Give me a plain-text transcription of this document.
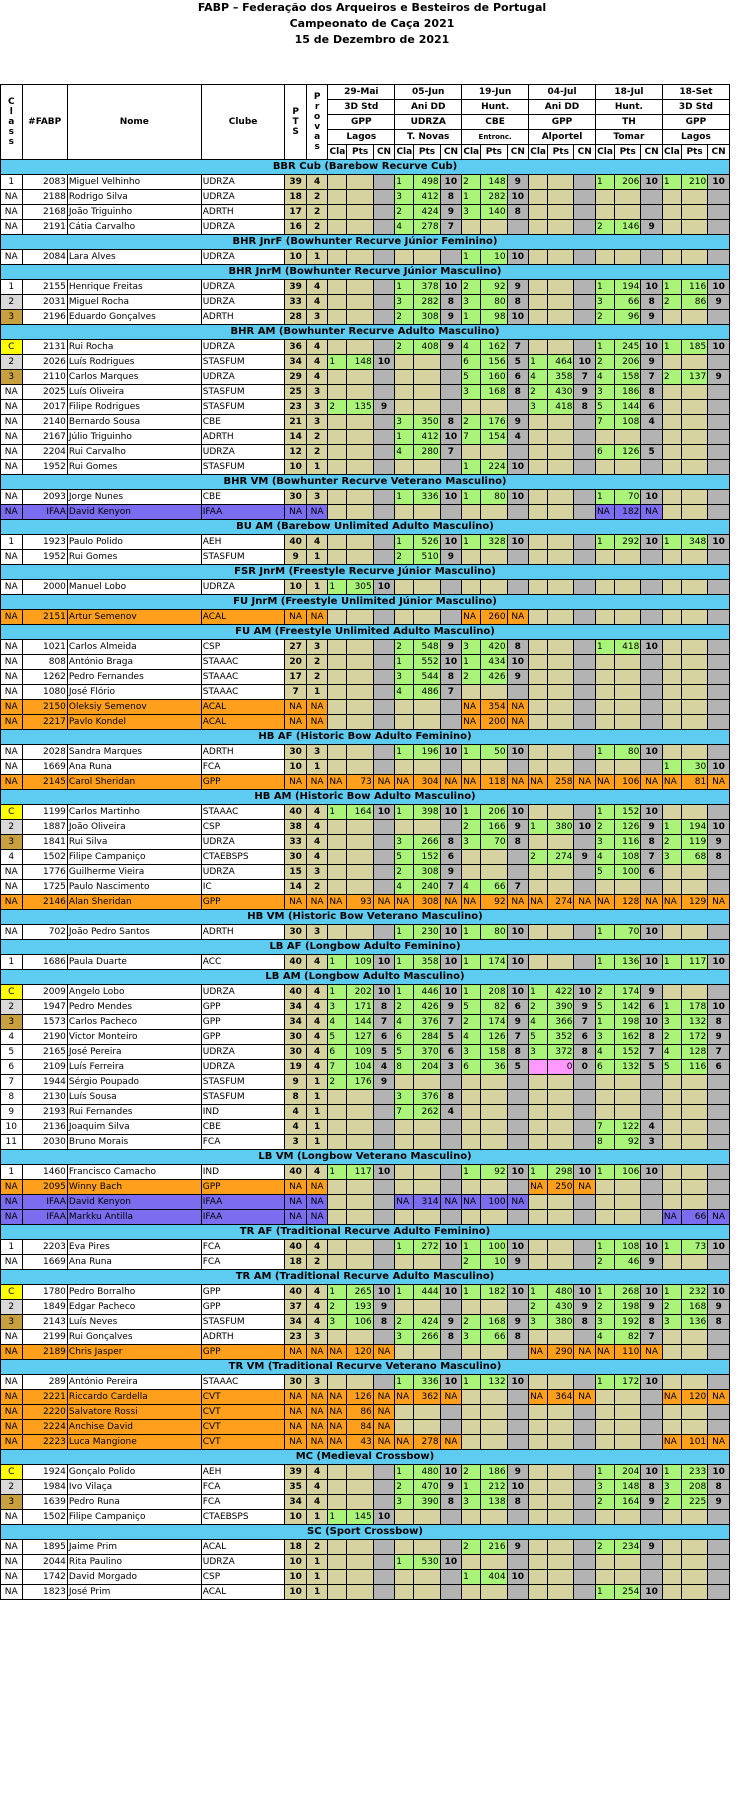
FABP – Federação dos Arqueiros e Besteiros de Portugal
Campeonato de Caça 2021
15 de Dezembro de 2021
Class	#FABP	Nome	Clube	PTS	Provas	29-Mai			05-Jun			19-Jun			04-Jul			18-Jul			18-Set		
						3D Std			Ani DD			Hunt.			Ani DD			Hunt.			3D Std		
						GPP			UDRZA			CBE			GPP			TH			GPP		
						Lagos			T. Novas			Entronc.			Alportel			Tomar			Lagos		
						Cla	Pts	CN	Cla	Pts	CN	Cla	Pts	CN	Cla	Pts	CN	Cla	Pts	CN	Cla	Pts	CN
BBR Cub (Barebow Recurve Cub)																							
1	2083	Miguel Velhinho	UDRZA	39	4				1	498	10	2	148	9				1	206	10	1	210	10
NA	2188	Rodrigo Silva	UDRZA	18	2				3	412	8	1	282	10									
NA	2168	João Triguinho	ADRTH	17	2				2	424	9	3	140	8									
NA	2191	Cátia Carvalho	UDRZA	16	2				4	278	7							2	146	9			
BHR JnrF (Bowhunter Recurve Júnior Feminino)																							
NA	2084	Lara Alves	UDRZA	10	1							1	10	10									
BHR JnrM (Bowhunter Recurve Júnior Masculino)																							
1	2155	Henrique Freitas	UDRZA	39	4				1	378	10	2	92	9				1	194	10	1	116	10
2	2031	Miguel Rocha	UDRZA	33	4				3	282	8	3	80	8				3	66	8	2	86	9
3	2196	Eduardo Gonçalves	ADRTH	28	3				2	308	9	1	98	10				2	96	9			
BHR AM (Bowhunter Recurve Adulto Masculino)																							
C	2131	Rui Rocha	UDRZA	36	4				2	408	9	4	162	7				1	245	10	1	185	10
2	2026	Luís Rodrigues	STASFUM	34	4	1	148	10				6	156	5	1	464	10	2	206	9			
3	2110	Carlos Marques	UDRZA	29	4							5	160	6	4	358	7	4	158	7	2	137	9
NA	2025	Luís Oliveira	STASFUM	25	3							3	168	8	2	430	9	3	186	8			
NA	2017	Filipe Rodrigues	STASFUM	23	3	2	135	9							3	418	8	5	144	6			
NA	2140	Bernardo Sousa	CBE	21	3				3	350	8	2	176	9				7	108	4			
NA	2167	Júlio Triguinho	ADRTH	14	2				1	412	10	7	154	4									
NA	2204	Rui Carvalho	UDRZA	12	2				4	280	7							6	126	5			
NA	1952	Rui Gomes	STASFUM	10	1							1	224	10									
BHR VM (Bowhunter Recurve Veterano Masculino)																							
NA	2093	Jorge Nunes	CBE	30	3				1	336	10	1	80	10				1	70	10			
NA	IFAA	David Kenyon	IFAA	NA	NA													NA	182	NA			
BU AM (Barebow Unlimited Adulto Masculino)																							
1	1923	Paulo Polido	AEH	40	4				1	526	10	1	328	10				1	292	10	1	348	10
NA	1952	Rui Gomes	STASFUM	9	1				2	510	9												
FSR JnrM (Freestyle Recurve Júnior Masculino)																							
NA	2000	Manuel Lobo	UDRZA	10	1	1	305	10															
FU JnrM (Freestyle Unlimited Júnior Masculino)																							
NA	2151	Artur Semenov	ACAL	NA	NA							NA	260	NA									
FU AM (Freestyle Unlimited Adulto Masculino)																							
NA	1021	Carlos Almeida	CSP	27	3				2	548	9	3	420	8				1	418	10			
NA	808	António Braga	STAAAC	20	2				1	552	10	1	434	10									
NA	1262	Pedro Fernandes	STAAAC	17	2				3	544	8	2	426	9									
NA	1080	José Flório	STAAAC	7	1				4	486	7												
NA	2150	Oleksiy Semenov	ACAL	NA	NA							NA	354	NA									
NA	2217	Pavlo Kondel	ACAL	NA	NA							NA	200	NA									
HB AF (Historic Bow Adulto Feminino)																							
NA	2028	Sandra Marques	ADRTH	30	3				1	196	10	1	50	10				1	80	10			
NA	1669	Ana Runa	FCA	10	1																1	30	10
NA	2145	Carol Sheridan	GPP	NA	NA	NA	73	NA	NA	304	NA	NA	118	NA	NA	258	NA	NA	106	NA	NA	81	NA
HB AM (Historic Bow Adulto Masculino)																							
C	1199	Carlos Martinho	STAAAC	40	4	1	164	10	1	398	10	1	206	10				1	152	10			
2	1887	João Oliveira	CSP	38	4							2	166	9	1	380	10	2	126	9	1	194	10
3	1841	Rui Silva	UDRZA	33	4				3	266	8	3	70	8				3	116	8	2	119	9
4	1502	Filipe Campaniço	CTAEBSPS	30	4				5	152	6				2	274	9	4	108	7	3	68	8
NA	1776	Guilherme Vieira	UDRZA	15	3				2	308	9							5	100	6			
NA	1725	Paulo Nascimento	IC	14	2				4	240	7	4	66	7									
NA	2146	Alan Sheridan	GPP	NA	NA	NA	93	NA	NA	308	NA	NA	92	NA	NA	274	NA	NA	128	NA	NA	129	NA
HB VM (Historic Bow Veterano Masculino)																							
NA	702	João Pedro Santos	ADRTH	30	3				1	230	10	1	80	10				1	70	10			
LB AF (Longbow Adulto Feminino)																							
1	1686	Paula Duarte	ACC	40	4	1	109	10	1	358	10	1	174	10				1	136	10	1	117	10
LB AM (Longbow Adulto Masculino)																							
C	2009	Angelo Lobo	UDRZA	40	4	1	202	10	1	446	10	1	208	10	1	422	10	2	174	9			
2	1947	Pedro Mendes	GPP	34	4	3	171	8	2	426	9	5	82	6	2	390	9	5	142	6	1	178	10
3	1573	Carlos Pacheco	GPP	34	4	4	144	7	4	376	7	2	174	9	4	366	7	1	198	10	3	132	8
4	2190	Victor Monteiro	GPP	30	4	5	127	6	6	284	5	4	126	7	5	352	6	3	162	8	2	172	9
5	2165	José Pereira	UDRZA	30	4	6	109	5	5	370	6	3	158	8	3	372	8	4	152	7	4	128	7
6	2109	Luís Ferreira	UDRZA	19	4	7	104	4	8	204	3	6	36	5		0	0	6	132	5	5	116	6
7	1944	Sérgio Poupado	STASFUM	9	1	2	176	9															
8	2130	Luís Sousa	STASFUM	8	1				3	376	8												
9	2193	Rui Fernandes	IND	4	1				7	262	4												
10	2136	Joaquim Silva	CBE	4	1													7	122	4			
11	2030	Bruno Morais	FCA	3	1													8	92	3			
LB VM (Longbow Veterano Masculino)																							
1	1460	Francisco Camacho	IND	40	4	1	117	10				1	92	10	1	298	10	1	106	10			
NA	2095	Winny Bach	GPP	NA	NA										NA	250	NA						
NA	IFAA	David Kenyon	IFAA	NA	NA				NA	314	NA	NA	100	NA									
NA	IFAA	Markku Antilla	IFAA	NA	NA																NA	66	NA
TR AF (Traditional Recurve Adulto Feminino)																							
1	2203	Eva Pires	FCA	40	4				1	272	10	1	100	10				1	108	10	1	73	10
NA	1669	Ana Runa	FCA	18	2							2	10	9				2	46	9			
TR AM (Traditional Recurve Adulto Masculino)																							
C	1780	Pedro Borralho	GPP	40	4	1	265	10	1	444	10	1	182	10	1	480	10	1	268	10	1	232	10
2	1849	Edgar Pacheco	GPP	37	4	2	193	9							2	430	9	2	198	9	2	168	9
3	2143	Luís Neves	STASFUM	34	4	3	106	8	2	424	9	2	168	9	3	380	8	3	192	8	3	136	8
NA	2199	Rui Gonçalves	ADRTH	23	3				3	266	8	3	66	8				4	82	7			
NA	2189	Chris Jasper	GPP	NA	NA	NA	120	NA							NA	290	NA	NA	110	NA			
TR VM (Traditional Recurve Veterano Masculino)																							
NA	289	António Pereira	STAAAC	30	3				1	336	10	1	132	10				1	172	10			
NA	2221	Riccardo Cardella	CVT	NA	NA	NA	126	NA	NA	362	NA				NA	364	NA				NA	120	NA
NA	2220	Salvatore Rossi	CVT	NA	NA	NA	86	NA															
NA	2224	Anchise David	CVT	NA	NA	NA	84	NA															
NA	2223	Luca Mangione	CVT	NA	NA	NA	43	NA	NA	278	NA										NA	101	NA
MC (Medieval Crossbow)																							
C	1924	Gonçalo Polido	AEH	39	4				1	480	10	2	186	9				1	204	10	1	233	10
2	1984	Ivo Vilaça	FCA	35	4				2	470	9	1	212	10				3	148	8	3	208	8
3	1639	Pedro Runa	FCA	34	4				3	390	8	3	138	8				2	164	9	2	225	9
NA	1502	Filipe Campaniço	CTAEBSPS	10	1	1	145	10															
SC (Sport Crossbow)																							
NA	1895	Jaime Prim	ACAL	18	2							2	216	9				2	234	9			
NA	2044	Rita Paulino	UDRZA	10	1				1	530	10												
NA	1742	David Morgado	CSP	10	1							1	404	10									
NA	1823	José Prim	ACAL	10	1													1	254	10			
